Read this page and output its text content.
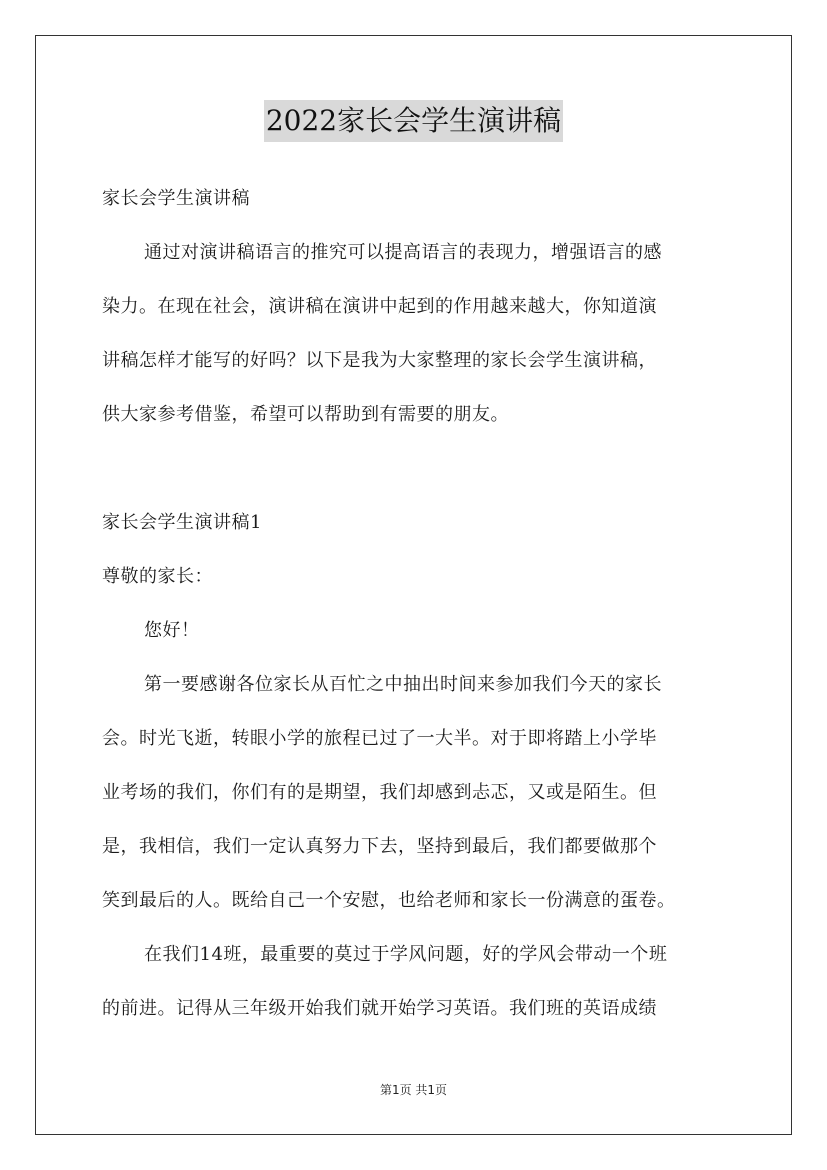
2022家长会学生演讲稿
家长会学生演讲稿
通过对演讲稿语言的推究可以提高语言的表现力，增强语言的感
染力。在现在社会，演讲稿在演讲中起到的作用越来越大，你知道演
讲稿怎样才能写的好吗？以下是我为大家整理的家长会学生演讲稿，
供大家参考借鉴，希望可以帮助到有需要的朋友。
家长会学生演讲稿1
尊敬的家长：
您好！
第一要感谢各位家长从百忙之中抽出时间来参加我们今天的家长
会。时光飞逝，转眼小学的旅程已过了一大半。对于即将踏上小学毕
业考场的我们，你们有的是期望，我们却感到忐忑，又或是陌生。但
是，我相信，我们一定认真努力下去，坚持到最后，我们都要做那个
笑到最后的人。既给自己一个安慰，也给老师和家长一份满意的蛋卷。
在我们14班，最重要的莫过于学风问题，好的学风会带动一个班
的前进。记得从三年级开始我们就开始学习英语。我们班的英语成绩
第1页 共1页
